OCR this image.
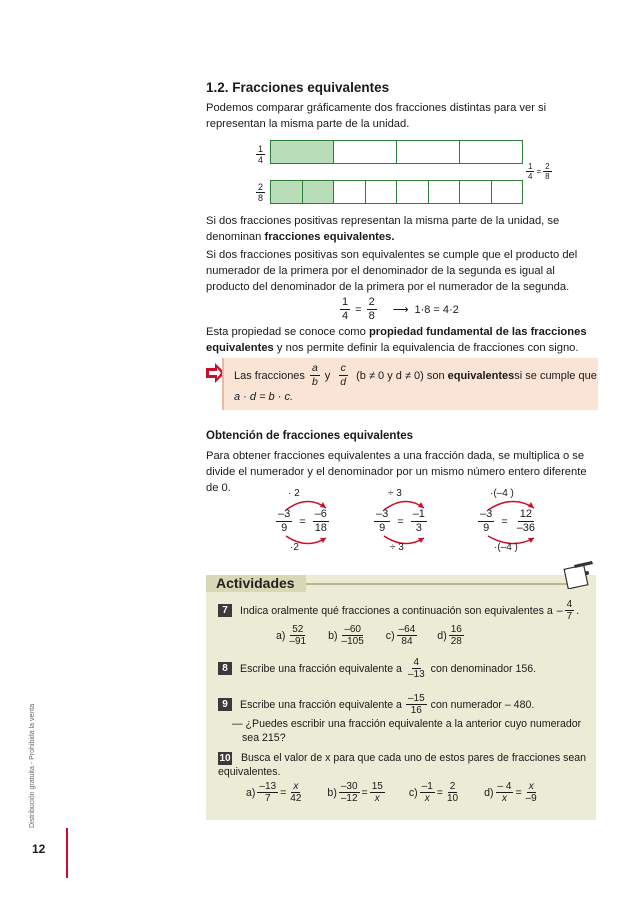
Distribución gratuita - Prohibida la venta
12
1.2. Fracciones equivalentes

Podemos comparar gráficamente dos fracciones distintas para ver si representan la misma parte de la unidad.

$\frac{1}{4}$
$\frac{2}{8}$
$\frac{1}{4} = \frac{2}{8}$

Si dos fracciones positivas representan la misma parte de la unidad, se denominan fracciones equivalentes.

Si dos fracciones positivas son equivalentes se cumple que el producto del numerador de la primera por el denominador de la segunda es igual al producto del denominador de la primera por el numerador de la segunda.

$\frac{1}{4} = \frac{2}{8}$ ⟶ 1·8 = 4·2

Esta propiedad se conoce como propiedad fundamental de las fracciones equivalentes y nos permite definir la equivalencia de fracciones con signo.

Las fracciones $\frac{a}{b}$ y $\frac{c}{d} (b \ne 0$ y d ≠ 0) son equivalentes si se cumple que
a · d = b · c.
Obtención de fracciones equivalentes

Para obtener fracciones equivalentes a una fracción dada, se multiplica o se divide el numerador y el denominador por un mismo número entero diferente de 0.	· 2
$\frac{-3}{9} = \frac{-6}{18}$
·2
÷ 3
$\frac{-3}{9} = \frac{-1}{3}$
÷ 3
·(–4 )
$\frac{-3}{9} = \frac{12}{-36}$
·(–4 )
Actividades
7	Indica oralmente qué fracciones a continuación son equivalentes a – $\frac{4}{7}$ .
$a) \frac{52}{-91} b) \frac{-60}{-105} c) \frac{-64}{84} d) \frac{16}{28}$
8	Escribe una fracción equivalente a $\frac{4}{-13}$ con denominador 156.
9	Escribe una fracción equivalente a $\frac{-15}{16}$ con numerador – 480.
— ¿Puedes escribir una fracción equivalente a la anterior cuyo numerador sea 215?
10 Busca el valor de x para que cada uno de estos pares de fracciones sean equivalentes.
$a) \frac{-13}{7} = \frac{x}{42} b) \frac{-30}{-12} = \frac{15}{x} c) \frac{-1}{x} = \frac{2}{10} d) \frac{- 4}{x} = \frac{x}{-9}$
